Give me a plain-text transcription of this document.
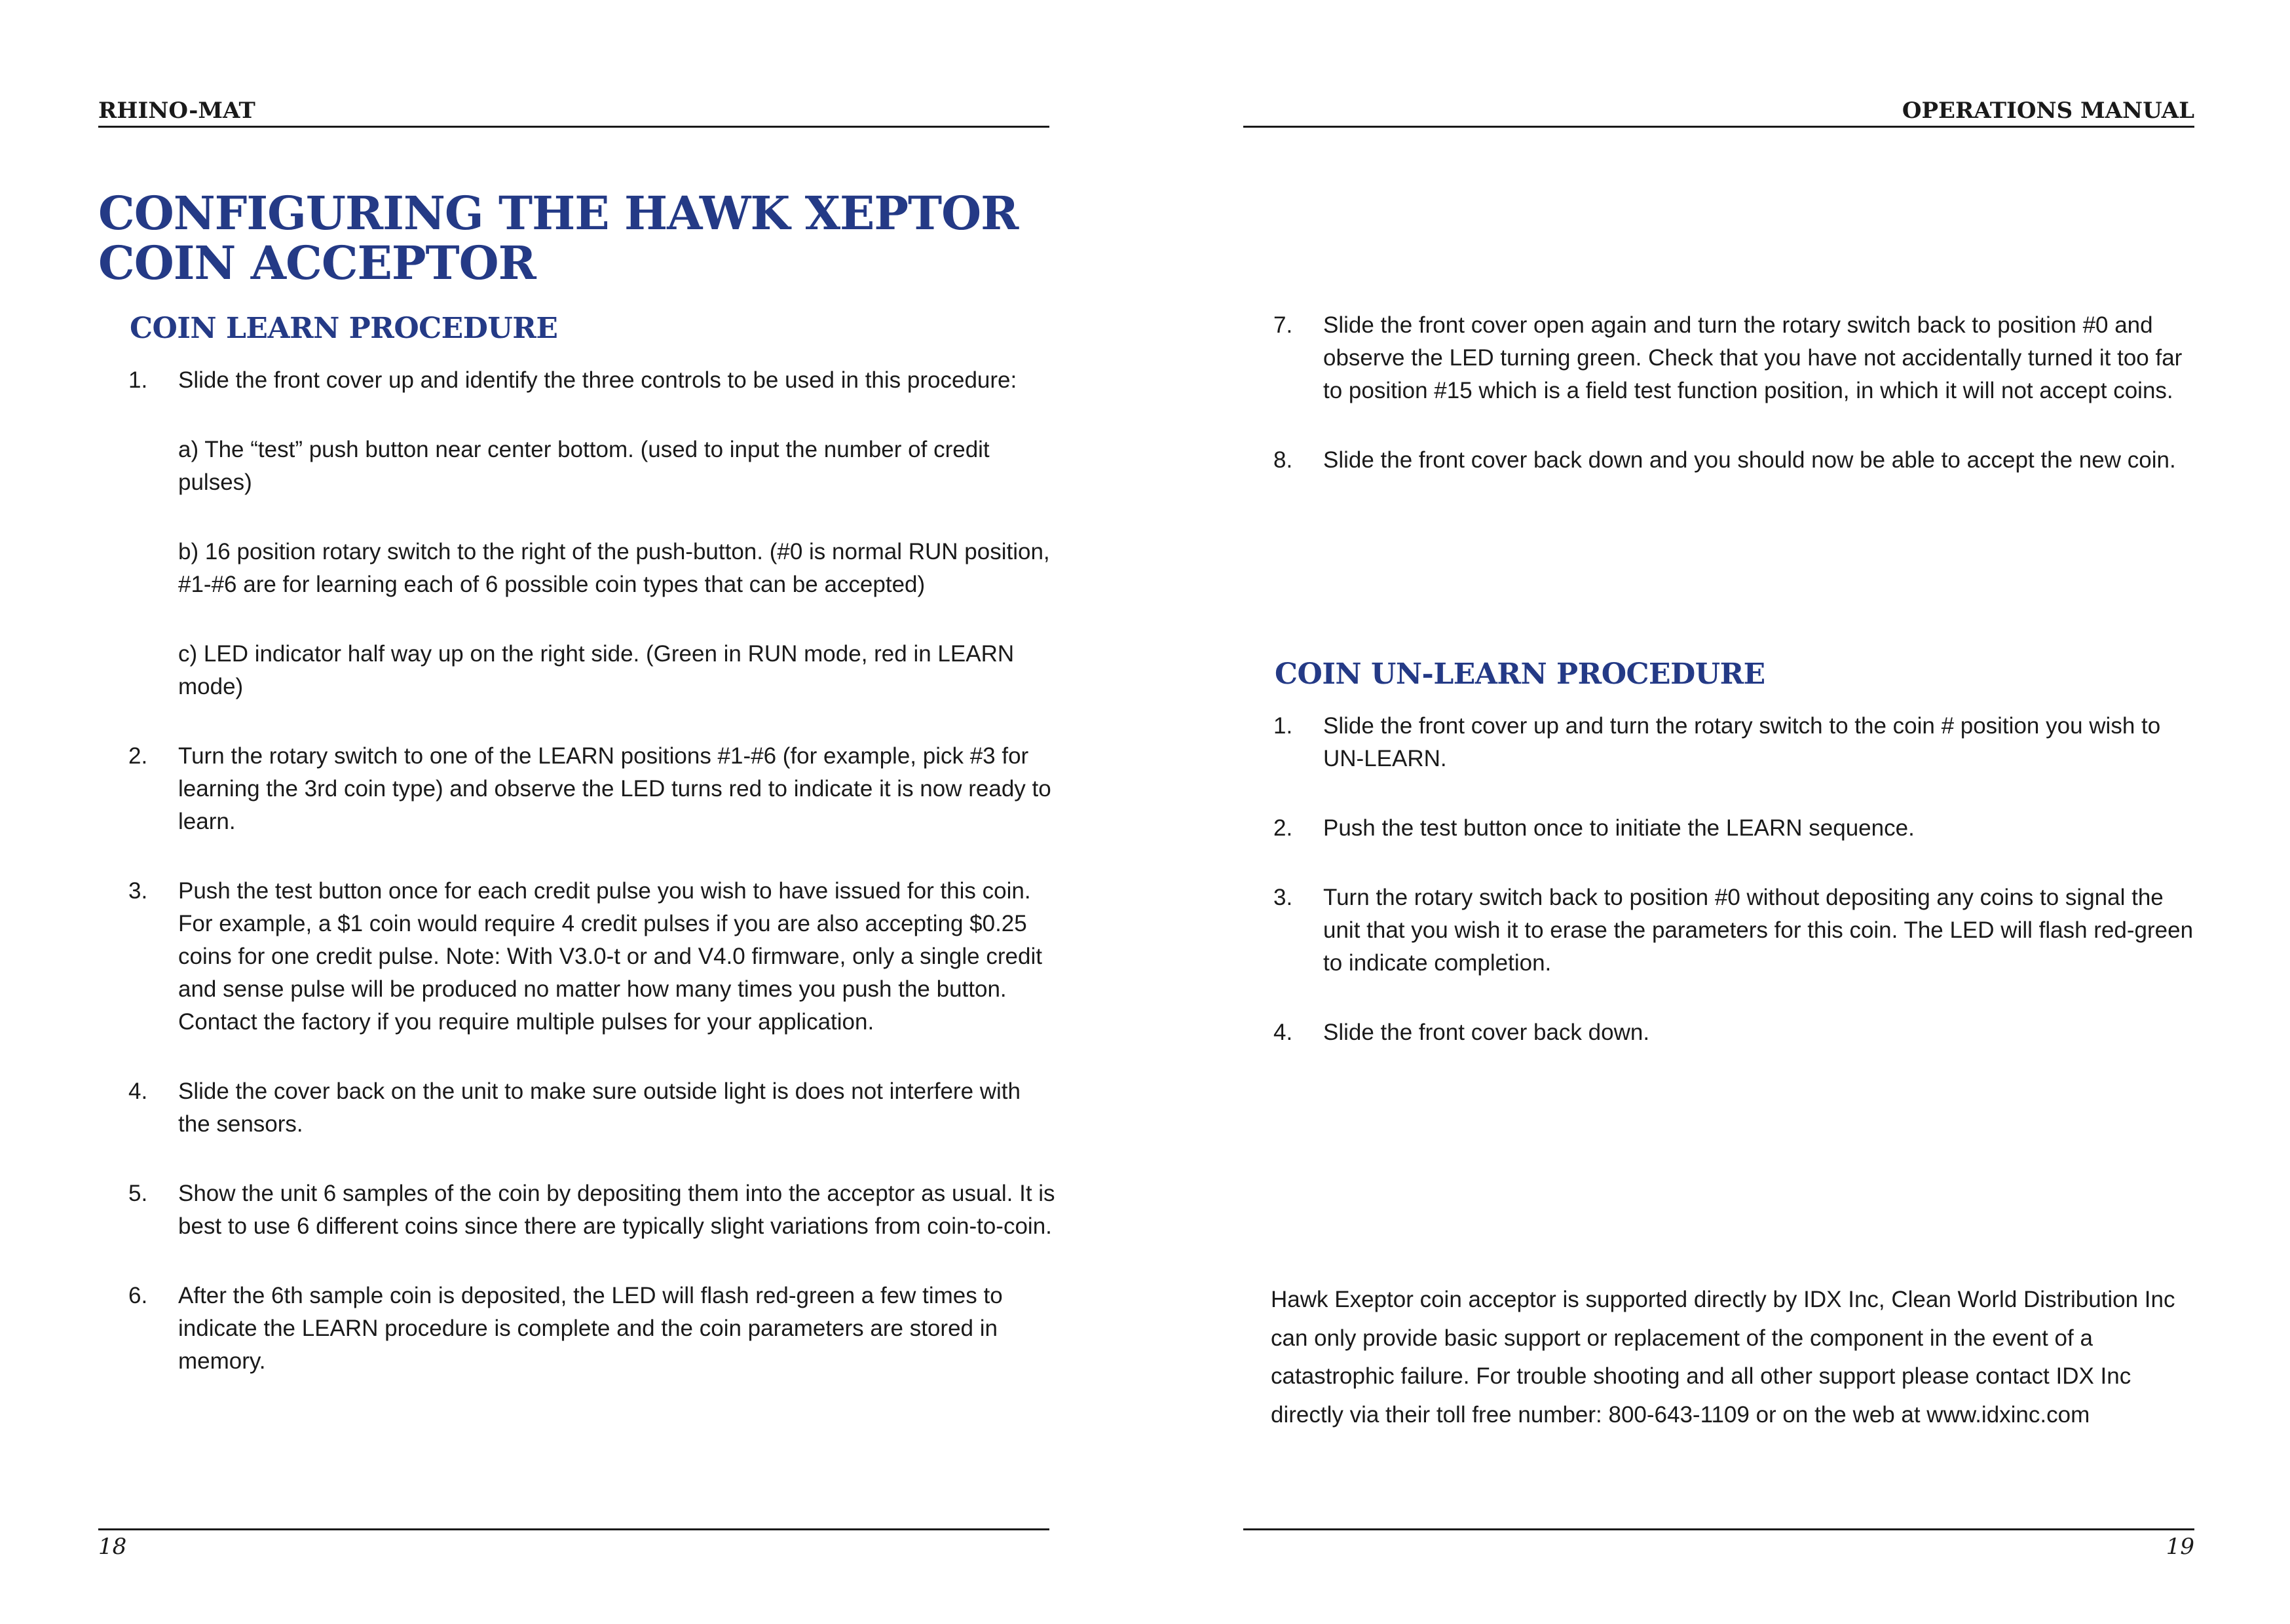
RHINO-MAT
CONFIGURING THE HAWK XEPTOR
COIN ACCEPTOR
COIN LEARN PROCEDURE
1. Slide the front cover up and identify the three controls to be used in this procedure:

a) The “test” push button near center bottom. (used to input the number of credit pulses)

b) 16 position rotary switch to the right of the push-button. (#0 is normal RUN position, #1-#6 are for learning each of 6 possible coin types that can be accepted)

c) LED indicator half way up on the right side. (Green in RUN mode, red in LEARN mode)

2. Turn the rotary switch to one of the LEARN positions #1-#6 (for example, pick #3 for learning the 3rd coin type) and observe the LED turns red to indicate it is now ready to learn.

3. Push the test button once for each credit pulse you wish to have issued for this coin. For example, a $1 coin would require 4 credit pulses if you are also accepting $0.25 coins for one credit pulse. Note: With V3.0-t or and V4.0 firmware, only a single credit and sense pulse will be produced no matter how many times you push the button. Contact the factory if you require multiple pulses for your application.

4. Slide the cover back on the unit to make sure outside light is does not interfere with the sensors.

5. Show the unit 6 samples of the coin by depositing them into the acceptor as usual. It is best to use 6 different coins since there are typically slight variations from coin-to-coin.

6. After the 6th sample coin is deposited, the LED will flash red-green a few times to indicate the LEARN procedure is complete and the coin parameters are stored in memory.

18
OPERATIONS MANUAL
7. Slide the front cover open again and turn the rotary switch back to position #0 and observe the LED turning green. Check that you have not accidentally turned it too far to position #15 which is a field test function position, in which it will not accept coins.

8. Slide the front cover back down and you should now be able to accept the new coin.

COIN UN-LEARN PROCEDURE
1. Slide the front cover up and turn the rotary switch to the coin # position you wish to UN-LEARN.

2. Push the test button once to initiate the LEARN sequence.

3. Turn the rotary switch back to position #0 without depositing any coins to signal the unit that you wish it to erase the parameters for this coin. The LED will flash red-green to indicate completion.

4. Slide the front cover back down.

Hawk Exeptor coin acceptor is supported directly by IDX Inc, Clean World Distribution Inc can only provide basic support or replacement of the component in the event of a catastrophic failure. For trouble shooting and all other support please contact IDX Inc directly via their toll free number: 800-643-1109 or on the web at www.idxinc.com

19
